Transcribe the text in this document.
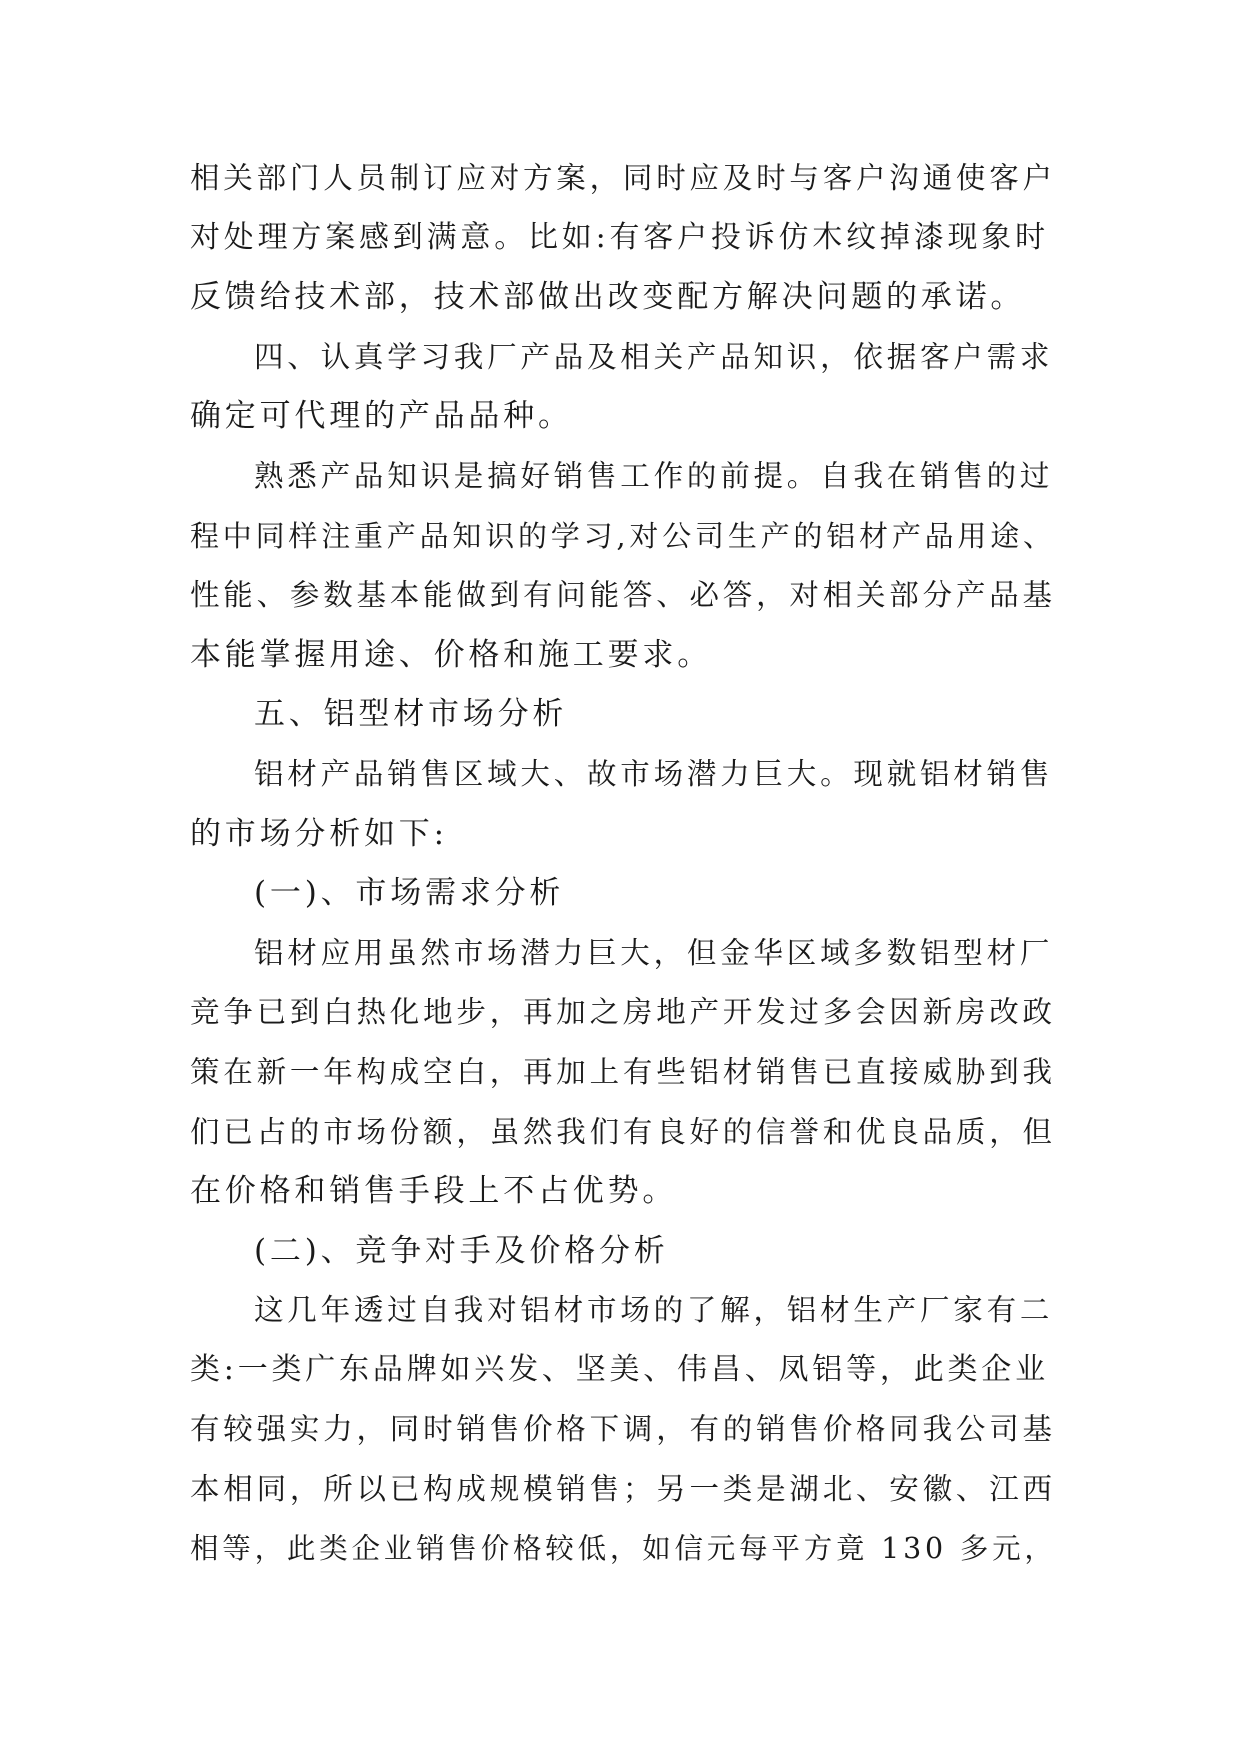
相关部门人员制订应对方案，同时应及时与客户沟通使客户
对处理方案感到满意。比如:有客户投诉仿木纹掉漆现象时
反馈给技术部，技术部做出改变配方解决问题的承诺。
四、认真学习我厂产品及相关产品知识，依据客户需求
确定可代理的产品品种。
熟悉产品知识是搞好销售工作的前提。自我在销售的过
程中同样注重产品知识的学习,对公司生产的铝材产品用途、
性能、参数基本能做到有问能答、必答，对相关部分产品基
本能掌握用途、价格和施工要求。
五、铝型材市场分析
铝材产品销售区域大、故市场潜力巨大。现就铝材销售
的市场分析如下:
(一)、市场需求分析
铝材应用虽然市场潜力巨大，但金华区域多数铝型材厂
竞争已到白热化地步，再加之房地产开发过多会因新房改政
策在新一年构成空白，再加上有些铝材销售已直接威胁到我
们已占的市场份额，虽然我们有良好的信誉和优良品质，但
在价格和销售手段上不占优势。
(二)、竞争对手及价格分析
这几年透过自我对铝材市场的了解，铝材生产厂家有二
类:一类广东品牌如兴发、坚美、伟昌、凤铝等，此类企业
有较强实力，同时销售价格下调，有的销售价格同我公司基
本相同，所以已构成规模销售；另一类是湖北、安徽、江西
相等，此类企业销售价格较低，如信元每平方竟 130 多元，
